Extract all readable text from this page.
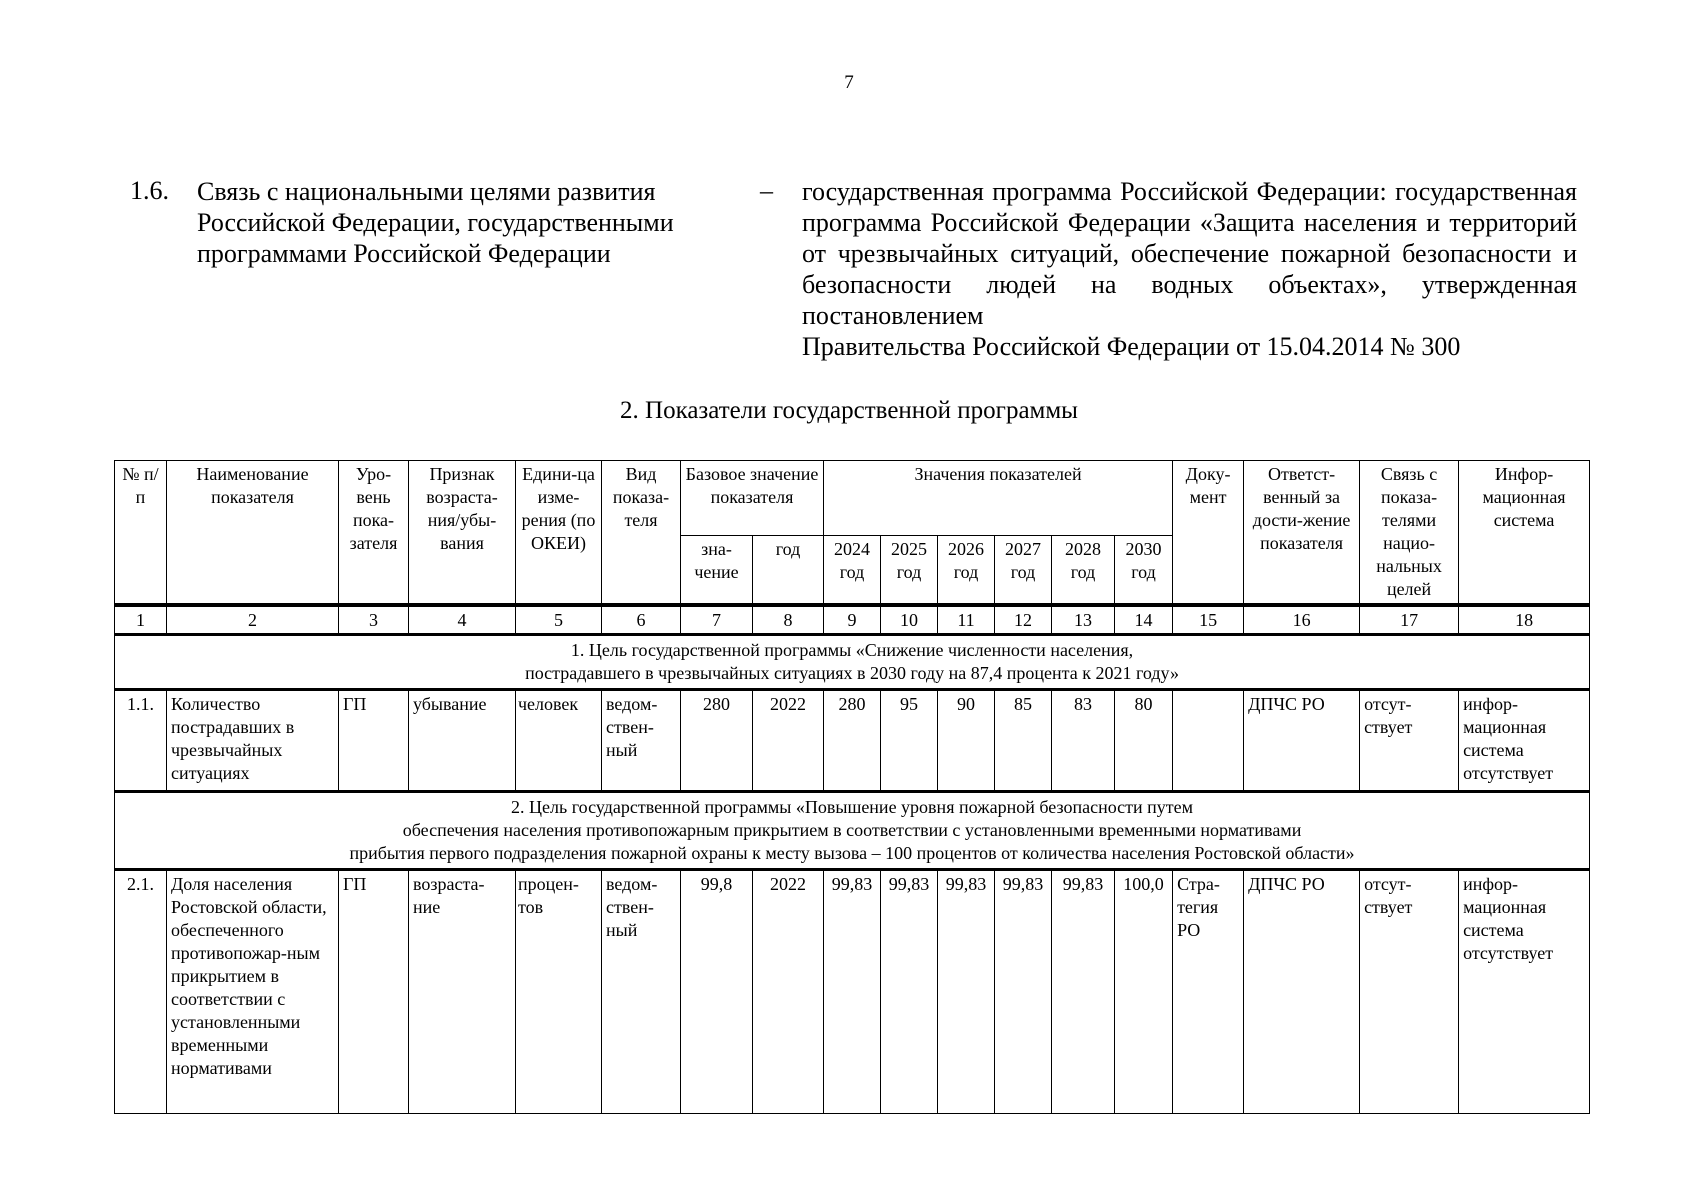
7
1.6. Связь с национальными целями развития Российской Федерации, государственными программами Российской Федерации
– государственная программа Российской Федерации: государственная программа Российской Федерации «Защита населения и территорий от чрезвычайных ситуаций, обеспечение пожарной безопасности и безопасности людей на водных объектах», утвержденная постановлением
Правительства Российской Федерации от 15.04.2014 № 300
2. Показатели государственной программы
№ п/п	Наименование показателя	Уро-вень пока-зателя	Признак возраста-ния/убы-вания	Едини-ца изме-рения (по ОКЕИ)	Вид показа-теля	Базовое значение показателя		Значения показателей						Доку-мент	Ответст-венный за дости-жение показателя	Связь с показа-телями нацио-нальных целей	Инфор-мационная система
						зна-чение	год	2024 год	2025 год	2026 год	2027 год	2028 год	2030 год				
1	2	3	4	5	6	7	8	9	10	11	12	13	14	15	16	17	18

1. Цель государственной программы «Снижение численности населения,
пострадавшего в чрезвычайных ситуациях в 2030 году на 87,4 процента к 2021 году»																	

1.1.	Количество пострадавших в чрезвычайных ситуациях	ГП	убывание	человек	ведом-ствен-ный	280	2022	280	95	90	85	83	80		ДПЧС РО	отсут-ствует	инфор-мационная система отсутствует

2. Цель государственной программы «Повышение уровня пожарной безопасности путем
обеспечения населения противопожарным прикрытием в соответствии с установленными временными нормативами
прибытия первого подразделения пожарной охраны к месту вызова – 100 процентов от количества населения Ростовской области»																	

2.1.	Доля населения Ростовской области, обеспеченного противопожар-ным прикрытием в соответствии с установленными временными нормативами	ГП	возраста-ние	процен-тов	ведом-ствен-ный	99,8	2022	99,83	99,83	99,83	99,83	99,83	100,0	Стра-тегия РО	ДПЧС РО	отсут-ствует	инфор-мационная система отсутствует
